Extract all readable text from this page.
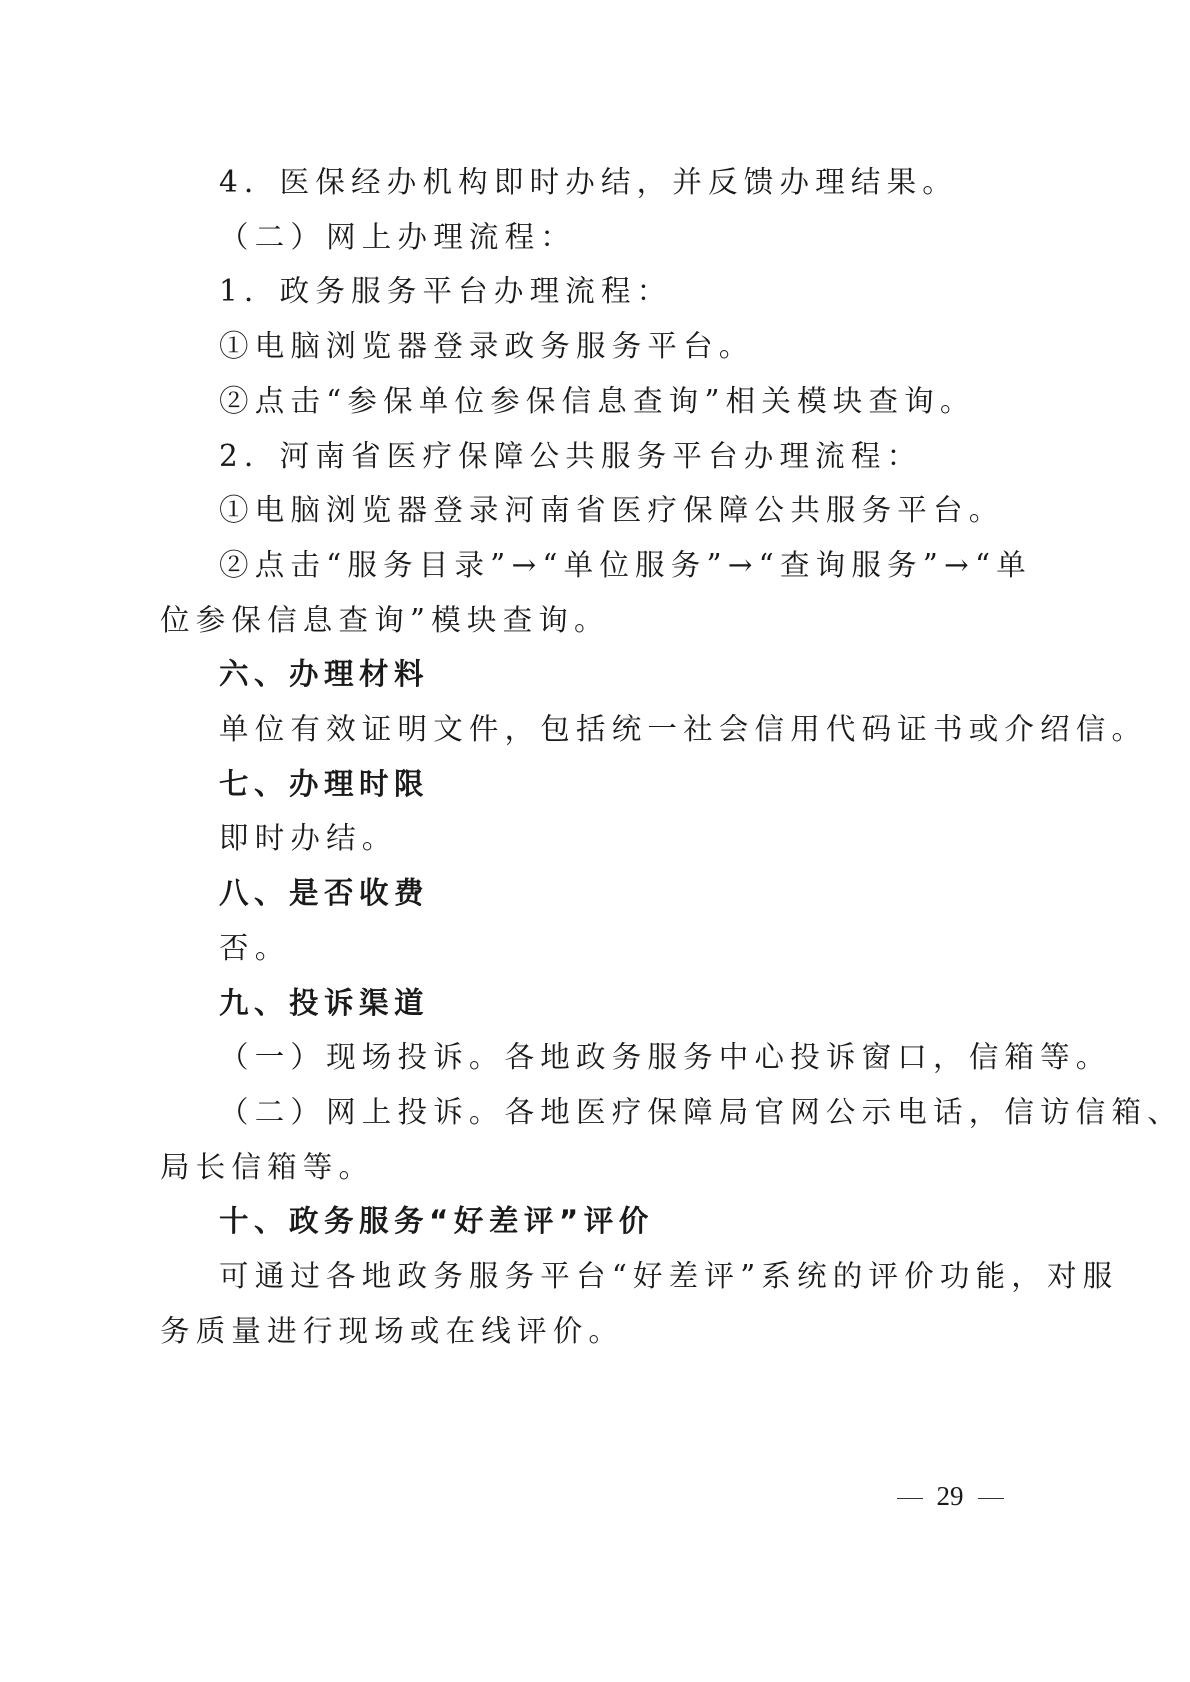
4．医保经办机构即时办结，并反馈办理结果。
（二）网上办理流程：
1．政务服务平台办理流程：
①电脑浏览器登录政务服务平台。
②点击“参保单位参保信息查询”相关模块查询。
2．河南省医疗保障公共服务平台办理流程：
①电脑浏览器登录河南省医疗保障公共服务平台。
②点击“服务目录”→“单位服务”→“查询服务”→“单
位参保信息查询”模块查询。
六、办理材料
单位有效证明文件，包括统一社会信用代码证书或介绍信。
七、办理时限
即时办结。
八、是否收费
否。
九、投诉渠道
（一）现场投诉。各地政务服务中心投诉窗口，信箱等。
（二）网上投诉。各地医疗保障局官网公示电话，信访信箱、
局长信箱等。
十、政务服务“好差评”评价
可通过各地政务服务平台“好差评”系统的评价功能，对服
务质量进行现场或在线评价。
29
